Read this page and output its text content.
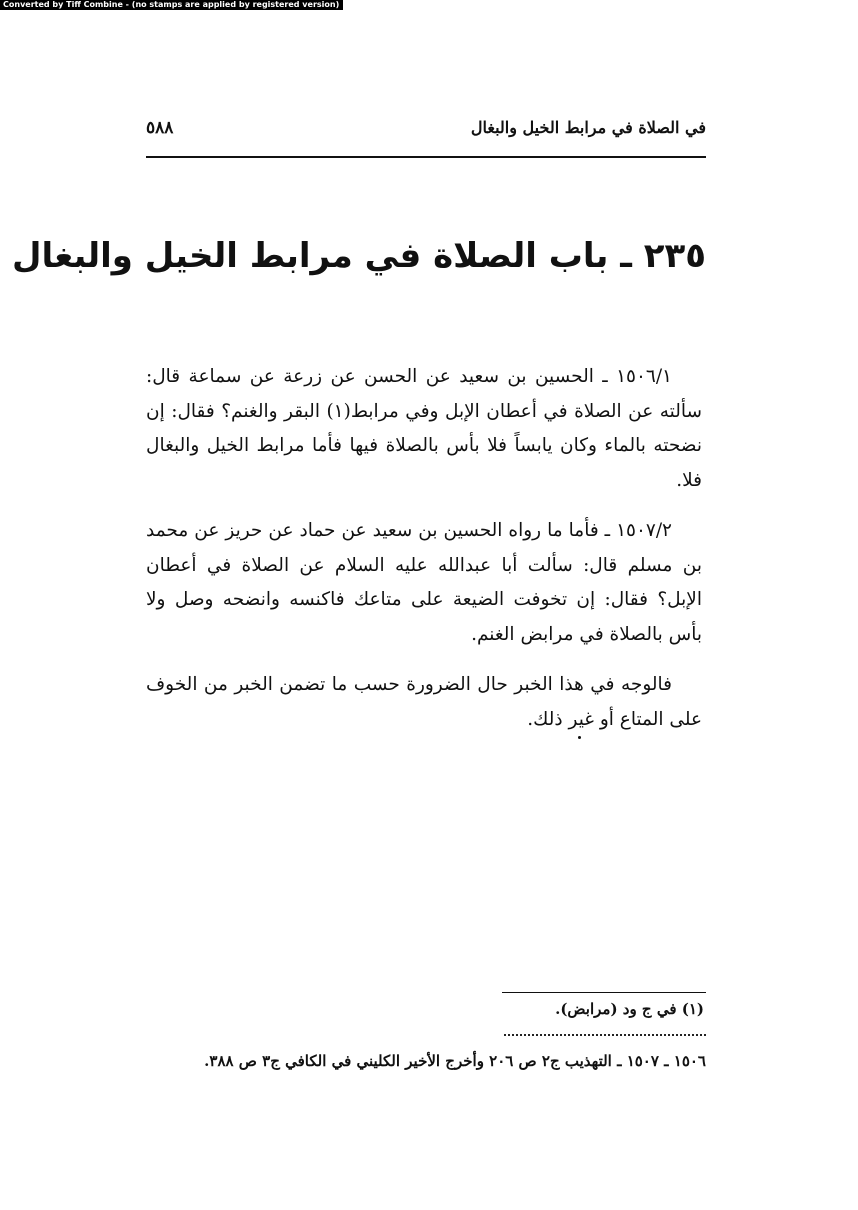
Converted by Tiff Combine - (no stamps are applied by registered version)
في الصلاة في مرابط الخيل والبغال
٥٨٨
٢٣٥ ـ باب الصلاة في مرابط الخيل والبغال

١٥٠٦/١ ـ الحسين بن سعيد عن الحسن عن زرعة عن سماعة قال: سألته عن الصلاة في أعطان الإبل وفي مرابط(١) البقر والغنم؟ فقال: إن نضحته بالماء وكان يابساً فلا بأس بالصلاة فيها فأما مرابط الخيل والبغال فلا.

١٥٠٧/٢ ـ فأما ما رواه الحسين بن سعيد عن حماد عن حريز عن محمد بن مسلم قال: سألت أبا عبدالله عليه السلام عن الصلاة في أعطان الإبل؟ فقال: إن تخوفت الضيعة على متاعك فاكنسه وانضحه وصل ولا بأس بالصلاة في مرابض الغنم.

فالوجه في هذا الخبر حال الضرورة حسب ما تضمن الخبر من الخوف على المتاع أو غير ذلك.

(١) في ج ود (مرابض).
١٥٠٦ ـ ١٥٠٧ ـ التهذيب ج٢ ص ٢٠٦ وأخرج الأخير الكليني في الكافي ج٣ ص ٣٨٨.
